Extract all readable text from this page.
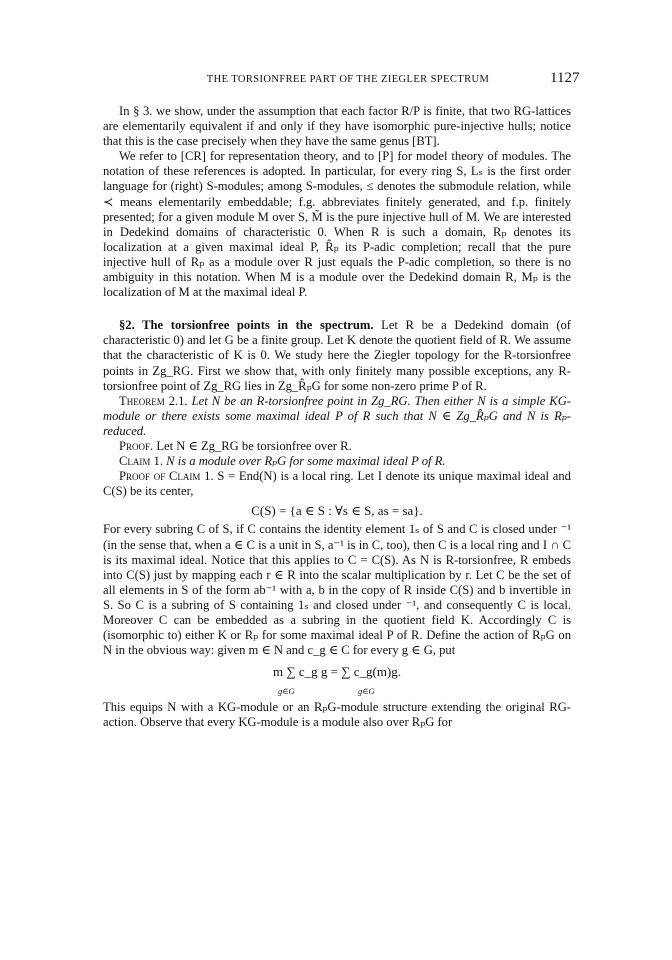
THE TORSIONFREE PART OF THE ZIEGLER SPECTRUM	1127

In § 3. we show, under the assumption that each factor R/P is finite, that two RG-lattices are elementarily equivalent if and only if they have isomorphic pure-injective hulls; notice that this is the case precisely when they have the same genus [BT].

We refer to [CR] for representation theory, and to [P] for model theory of modules. The notation of these references is adopted. In particular, for every ring S, Lₛ is the first order language for (right) S-modules; among S-modules, ≤ denotes the submodule relation, while ≺ means elementarily embeddable; f.g. abbreviates finitely generated, and f.p. finitely presented; for a given module M over S, M̃ is the pure injective hull of M. We are interested in Dedekind domains of characteristic 0. When R is such a domain, Rₚ denotes its localization at a given maximal ideal P, R̂ₚ its P-adic completion; recall that the pure injective hull of Rₚ as a module over R just equals the P-adic completion, so there is no ambiguity in this notation. When M is a module over the Dedekind domain R, Mₚ is the localization of M at the maximal ideal P.

§2. The torsionfree points in the spectrum. Let R be a Dedekind domain (of characteristic 0) and let G be a finite group. Let K denote the quotient field of R. We assume that the characteristic of K is 0. We study here the Ziegler topology for the R-torsionfree points in Zg_RG. First we show that, with only finitely many possible exceptions, any R-torsionfree point of Zg_RG lies in Zg_R̂ₚG for some non-zero prime P of R.

Theorem 2.1. Let N be an R-torsionfree point in Zg_RG. Then either N is a simple KG-module or there exists some maximal ideal P of R such that N ∈ Zg_R̂ₚG and N is Rₚ-reduced.

Proof. Let N ∈ Zg_RG be torsionfree over R.

Claim 1. N is a module over RₚG for some maximal ideal P of R.

Proof of Claim 1. S = End(N) is a local ring. Let I denote its unique maximal ideal and C(S) be its center,

C(S) = {a ∈ S : ∀s ∈ S, as = sa}.

For every subring C of S, if C contains the identity element 1ₛ of S and C is closed under ⁻¹ (in the sense that, when a ∈ C is a unit in S, a⁻¹ is in C, too), then C is a local ring and I ∩ C is its maximal ideal. Notice that this applies to C = C(S). As N is R-torsionfree, R embeds into C(S) just by mapping each r ∈ R into the scalar multiplication by r. Let C be the set of all elements in S of the form ab⁻¹ with a, b in the copy of R inside C(S) and b invertible in S. So C is a subring of S containing 1ₛ and closed under ⁻¹, and consequently C is local. Moreover C can be embedded as a subring in the quotient field K. Accordingly C is (isomorphic to) either K or Rₚ for some maximal ideal P of R. Define the action of RₚG on N in the obvious way: given m ∈ N and c_g ∈ C for every g ∈ G, put

m ∑ c_g g = ∑ c_g(m)g.
g∈G	g∈G

This equips N with a KG-module or an RₚG-module structure extending the original RG-action. Observe that every KG-module is a module also over RₚG for
